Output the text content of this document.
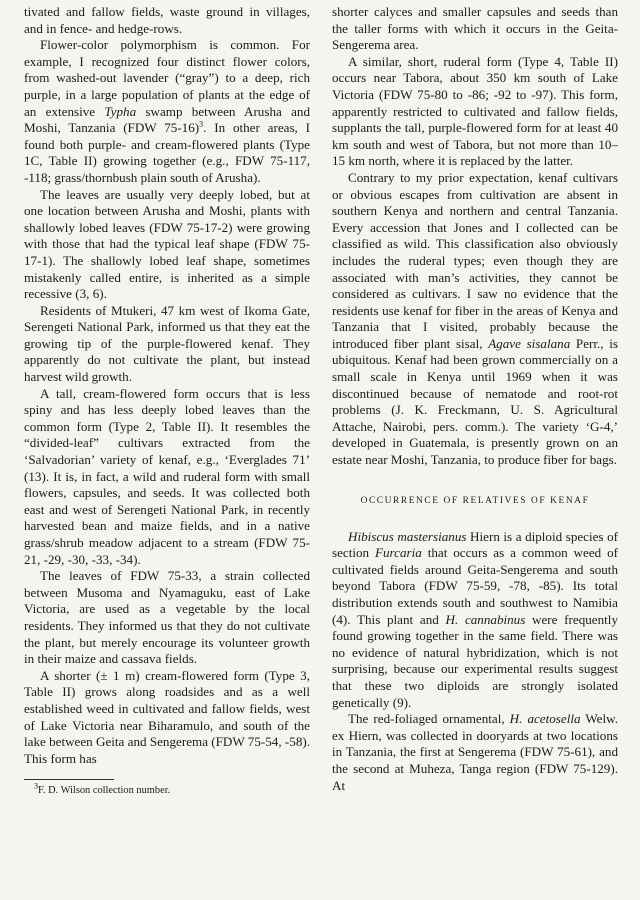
tivated and fallow fields, waste ground in villages, and in fence- and hedge-rows.

Flower-color polymorphism is common. For example, I recognized four distinct flower colors, from washed-out lavender (“gray”) to a deep, rich purple, in a large population of plants at the edge of an extensive Typha swamp between Arusha and Moshi, Tanzania (FDW 75-16)$^3$. In other areas, I found both purple- and cream-flowered plants (Type 1C, Table II) growing together (e.g., FDW 75-117, -118; grass/thornbush plain south of Arusha).

The leaves are usually very deeply lobed, but at one location between Arusha and Moshi, plants with shallowly lobed leaves (FDW 75-17-2) were growing with those that had the typical leaf shape (FDW 75-17-1). The shallowly lobed leaf shape, sometimes mistakenly called entire, is inherited as a simple recessive (3, 6).

Residents of Mtukeri, 47 km west of Ikoma Gate, Serengeti National Park, informed us that they eat the growing tip of the purple-flowered kenaf. They apparently do not cultivate the plant, but instead harvest wild growth.

A tall, cream-flowered form occurs that is less spiny and has less deeply lobed leaves than the common form (Type 2, Table II). It resembles the “divided-leaf” cultivars extracted from the ‘Salvadorian’ variety of kenaf, e.g., ‘Everglades 71’ (13). It is, in fact, a wild and ruderal form with small flowers, capsules, and seeds. It was collected both east and west of Serengeti National Park, in recently harvested bean and maize fields, and in a native grass/shrub meadow adjacent to a stream (FDW 75-21, -29, -30, -33, -34).

The leaves of FDW 75-33, a strain collected between Musoma and Nyamaguku, east of Lake Victoria, are used as a vegetable by the local residents. They informed us that they do not cultivate the plant, but merely encourage its volunteer growth in their maize and cassava fields.

A shorter (± 1 m) cream-flowered form (Type 3, Table II) grows along roadsides and as a well established weed in cultivated and fallow fields, west of Lake Victoria near Biharamulo, and south of the lake between Geita and Sengerema (FDW 75-54, -58). This form has

$^3$F. D. Wilson collection number.

shorter calyces and smaller capsules and seeds than the taller forms with which it occurs in the Geita-Sengerema area.

A similar, short, ruderal form (Type 4, Table II) occurs near Tabora, about 350 km south of Lake Victoria (FDW 75-80 to -86; -92 to -97). This form, apparently restricted to cultivated and fallow fields, supplants the tall, purple-flowered form for at least 40 km south and west of Tabora, but not more than 10–15 km north, where it is replaced by the latter.

Contrary to my prior expectation, kenaf cultivars or obvious escapes from cultivation are absent in southern Kenya and northern and central Tanzania. Every accession that Jones and I collected can be classified as wild. This classification also obviously includes the ruderal types; even though they are associated with man’s activities, they cannot be considered as cultivars. I saw no evidence that the residents use kenaf for fiber in the areas of Kenya and Tanzania that I visited, probably because the introduced fiber plant sisal, Agave sisalana Perr., is ubiquitous. Kenaf had been grown commercially on a small scale in Kenya until 1969 when it was discontinued because of nematode and root-rot problems (J. K. Freckmann, U. S. Agricultural Attache, Nairobi, pers. comm.). The variety ‘G-4,’ developed in Guatemala, is presently grown on an estate near Moshi, Tanzania, to produce fiber for bags.

OCCURRENCE OF RELATIVES OF KENAF

Hibiscus mastersianus Hiern is a diploid species of section Furcaria that occurs as a common weed of cultivated fields around Geita-Sengerema and south beyond Tabora (FDW 75-59, -78, -85). Its total distribution extends south and southwest to Namibia (4). This plant and H. cannabinus were frequently found growing together in the same field. There was no evidence of natural hybridization, which is not surprising, because our experimental results suggest that these two diploids are strongly isolated genetically (9).

The red-foliaged ornamental, H. acetosella Welw. ex Hiern, was collected in dooryards at two locations in Tanzania, the first at Sengerema (FDW 75-61), and the second at Muheza, Tanga region (FDW 75-129). At
